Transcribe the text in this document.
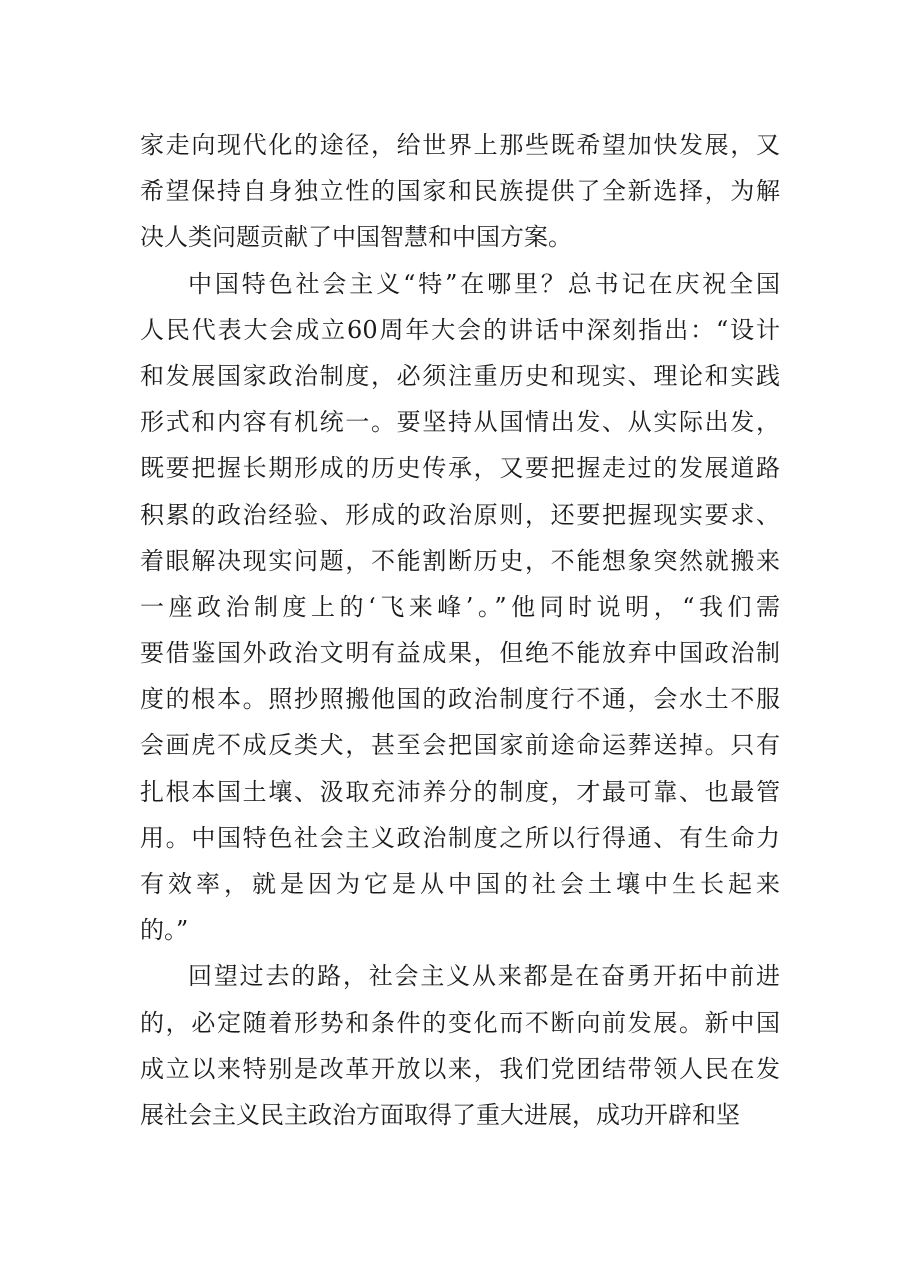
家走向现代化的途径，给世界上那些既希望加快发展，又
希望保持自身独立性的国家和民族提供了全新选择，为解
决人类问题贡献了中国智慧和中国方案。
中国特色社会主义“特”在哪里？总书记在庆祝全国
人民代表大会成立60周年大会的讲话中深刻指出：“设计
和发展国家政治制度，必须注重历史和现实、理论和实践
形式和内容有机统一。要坚持从国情出发、从实际出发，
既要把握长期形成的历史传承，又要把握走过的发展道路
积累的政治经验、形成的政治原则，还要把握现实要求、
着眼解决现实问题，不能割断历史，不能想象突然就搬来
一座政治制度上的‘飞来峰’。”他同时说明，“我们需
要借鉴国外政治文明有益成果，但绝不能放弃中国政治制
度的根本。照抄照搬他国的政治制度行不通，会水土不服
会画虎不成反类犬，甚至会把国家前途命运葬送掉。只有
扎根本国土壤、汲取充沛养分的制度，才最可靠、也最管
用。中国特色社会主义政治制度之所以行得通、有生命力
有效率，就是因为它是从中国的社会土壤中生长起来
的。”
回望过去的路，社会主义从来都是在奋勇开拓中前进
的，必定随着形势和条件的变化而不断向前发展。新中国
成立以来特别是改革开放以来，我们党团结带领人民在发
展社会主义民主政治方面取得了重大进展，成功开辟和坚
